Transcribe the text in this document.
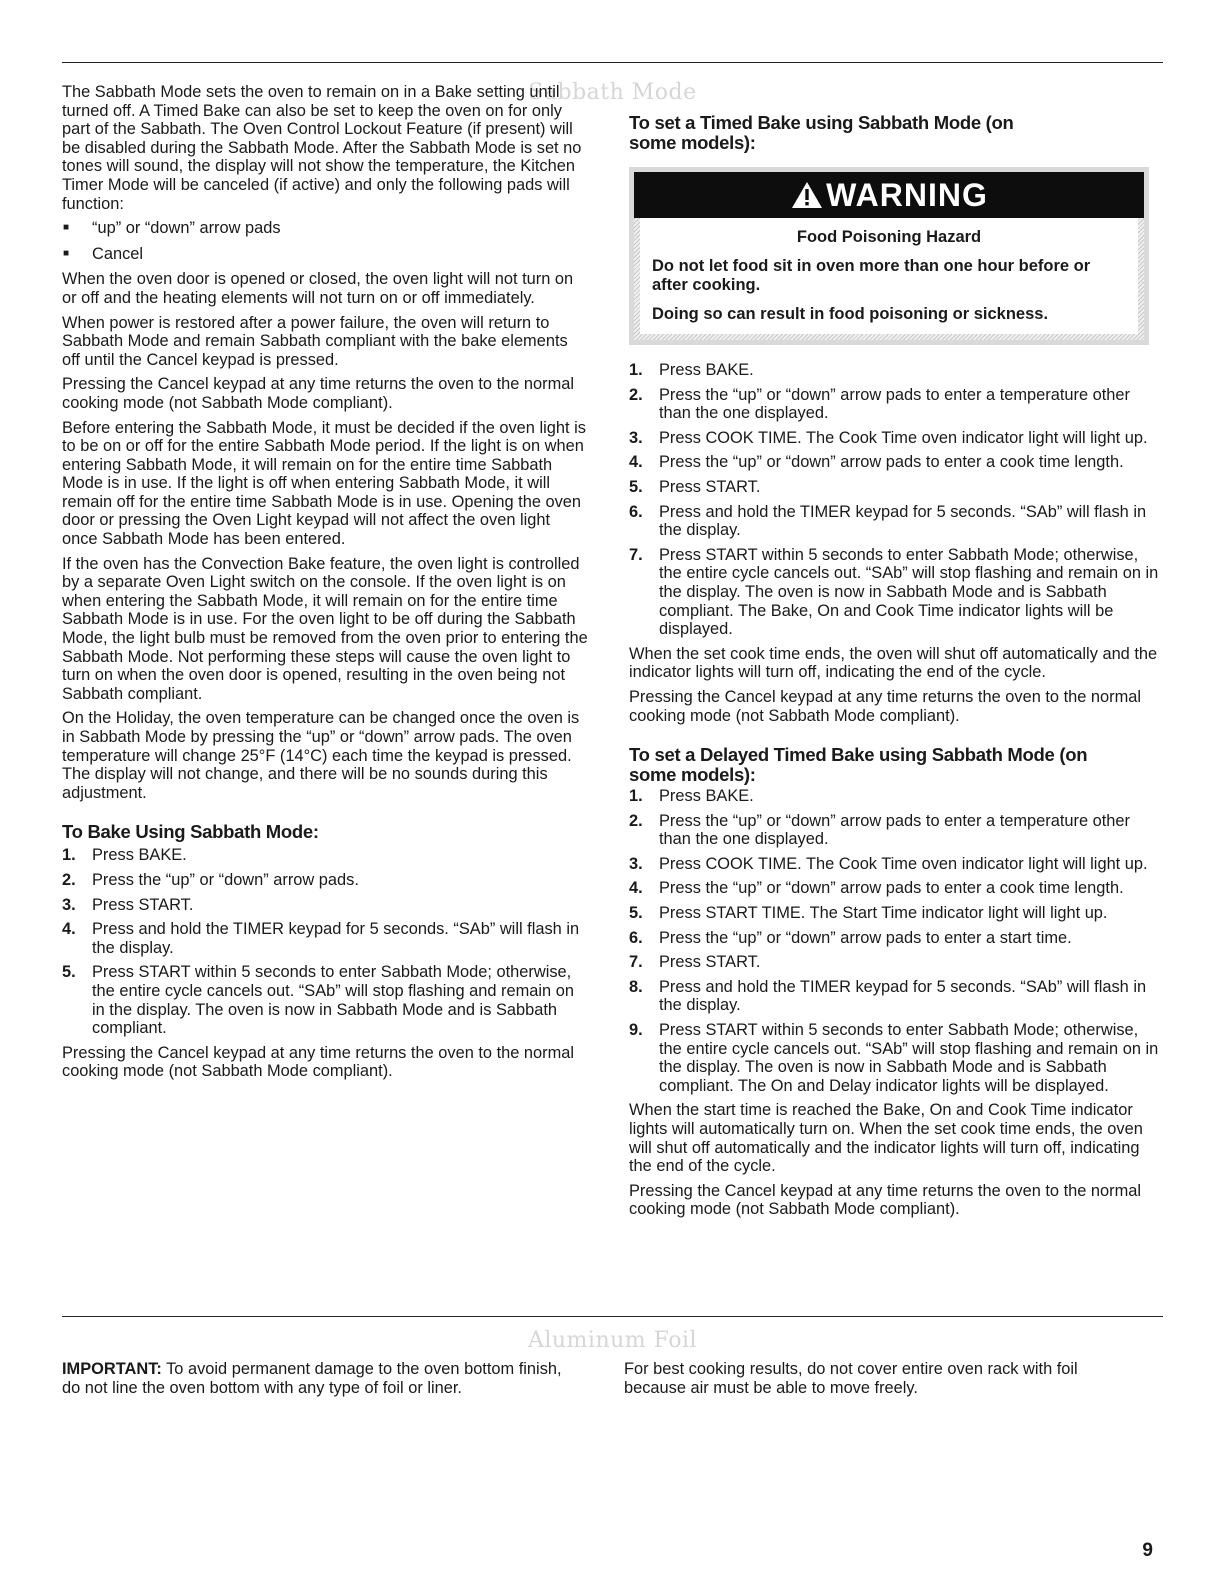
Sabbath Mode

The Sabbath Mode sets the oven to remain on in a Bake setting until turned off. A Timed Bake can also be set to keep the oven on for only part of the Sabbath. The Oven Control Lockout Feature (if present) will be disabled during the Sabbath Mode. After the Sabbath Mode is set no tones will sound, the display will not show the temperature, the Kitchen Timer Mode will be canceled (if active) and only the following pads will function:

■	“up” or “down” arrow pads
■	Cancel

When the oven door is opened or closed, the oven light will not turn on or off and the heating elements will not turn on or off immediately.

When power is restored after a power failure, the oven will return to Sabbath Mode and remain Sabbath compliant with the bake elements off until the Cancel keypad is pressed.

Pressing the Cancel keypad at any time returns the oven to the normal cooking mode (not Sabbath Mode compliant).

Before entering the Sabbath Mode, it must be decided if the oven light is to be on or off for the entire Sabbath Mode period. If the light is on when entering Sabbath Mode, it will remain on for the entire time Sabbath Mode is in use. If the light is off when entering Sabbath Mode, it will remain off for the entire time Sabbath Mode is in use. Opening the oven door or pressing the Oven Light keypad will not affect the oven light once Sabbath Mode has been entered.

If the oven has the Convection Bake feature, the oven light is controlled by a separate Oven Light switch on the console. If the oven light is on when entering the Sabbath Mode, it will remain on for the entire time Sabbath Mode is in use. For the oven light to be off during the Sabbath Mode, the light bulb must be removed from the oven prior to entering the Sabbath Mode. Not performing these steps will cause the oven light to turn on when the oven door is opened, resulting in the oven being not Sabbath compliant.

On the Holiday, the oven temperature can be changed once the oven is in Sabbath Mode by pressing the “up” or “down” arrow pads. The oven temperature will change 25°F (14°C) each time the keypad is pressed. The display will not change, and there will be no sounds during this adjustment.

To Bake Using Sabbath Mode:
1. Press BAKE.
2. Press the “up” or “down” arrow pads.
3. Press START.
4. Press and hold the TIMER keypad for 5 seconds. “SAb” will flash in the display.
5. Press START within 5 seconds to enter Sabbath Mode; otherwise, the entire cycle cancels out. “SAb” will stop flashing and remain on in the display. The oven is now in Sabbath Mode and is Sabbath compliant.

Pressing the Cancel keypad at any time returns the oven to the normal cooking mode (not Sabbath Mode compliant).

To set a Timed Bake using Sabbath Mode (on some models):
WARNING
Food Poisoning Hazard

Do not let food sit in oven more than one hour before or after cooking.

Doing so can result in food poisoning or sickness.

1. Press BAKE.
2. Press the “up” or “down” arrow pads to enter a temperature other than the one displayed.
3. Press COOK TIME. The Cook Time oven indicator light will light up.
4. Press the “up” or “down” arrow pads to enter a cook time length.
5. Press START.
6. Press and hold the TIMER keypad for 5 seconds. “SAb” will flash in the display.
7. Press START within 5 seconds to enter Sabbath Mode; otherwise, the entire cycle cancels out. “SAb” will stop flashing and remain on in the display. The oven is now in Sabbath Mode and is Sabbath compliant. The Bake, On and Cook Time indicator lights will be displayed.

When the set cook time ends, the oven will shut off automatically and the indicator lights will turn off, indicating the end of the cycle.

Pressing the Cancel keypad at any time returns the oven to the normal cooking mode (not Sabbath Mode compliant).

To set a Delayed Timed Bake using Sabbath Mode (on some models):
1. Press BAKE.
2. Press the “up” or “down” arrow pads to enter a temperature other than the one displayed.
3. Press COOK TIME. The Cook Time oven indicator light will light up.
4. Press the “up” or “down” arrow pads to enter a cook time length.
5. Press START TIME. The Start Time indicator light will light up.
6. Press the “up” or “down” arrow pads to enter a start time.
7. Press START.
8. Press and hold the TIMER keypad for 5 seconds. “SAb” will flash in the display.
9. Press START within 5 seconds to enter Sabbath Mode; otherwise, the entire cycle cancels out. “SAb” will stop flashing and remain on in the display. The oven is now in Sabbath Mode and is Sabbath compliant. The On and Delay indicator lights will be displayed.

When the start time is reached the Bake, On and Cook Time indicator lights will automatically turn on. When the set cook time ends, the oven will shut off automatically and the indicator lights will turn off, indicating the end of the cycle.

Pressing the Cancel keypad at any time returns the oven to the normal cooking mode (not Sabbath Mode compliant).

Aluminum Foil
IMPORTANT: To avoid permanent damage to the oven bottom finish, do not line the oven bottom with any type of foil or liner.
For best cooking results, do not cover entire oven rack with foil because air must be able to move freely.
9
